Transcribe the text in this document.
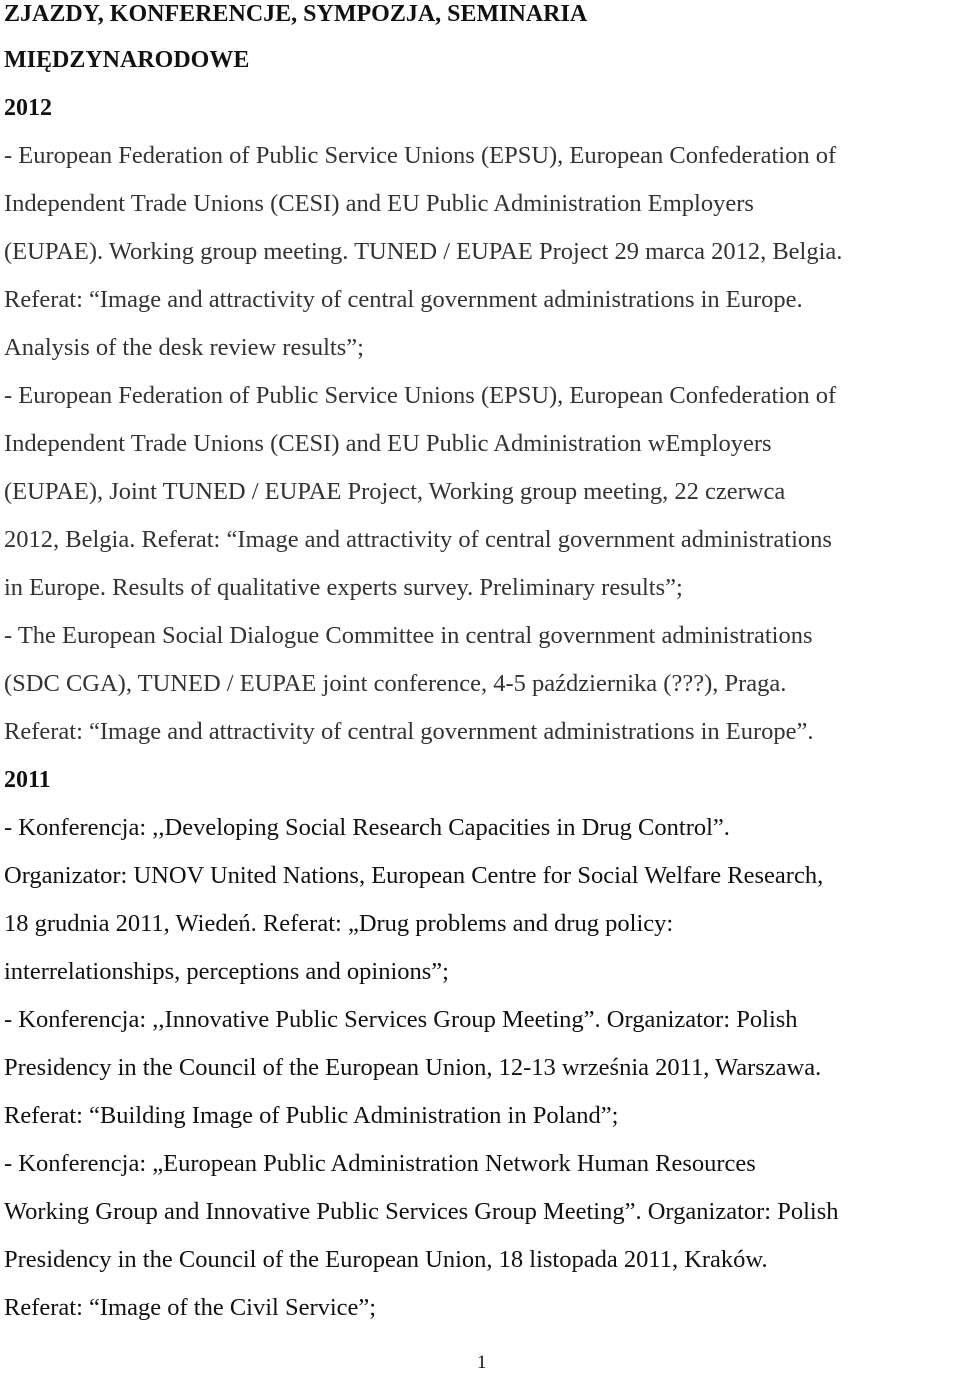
ZJAZDY, KONFERENCJE, SYMPOZJA, SEMINARIA
MIĘDZYNARODOWE
2012
- European Federation of Public Service Unions (EPSU), European Confederation of
Independent Trade Unions (CESI) and EU Public Administration Employers
(EUPAE). Working group meeting. TUNED / EUPAE Project 29 marca 2012, Belgia.
Referat: “Image and attractivity of central government administrations in Europe.
Analysis of the desk review results”;
- European Federation of Public Service Unions (EPSU), European Confederation of
Independent Trade Unions (CESI) and EU Public Administration wEmployers
(EUPAE), Joint TUNED / EUPAE Project, Working group meeting, 22 czerwca
2012, Belgia. Referat: “Image and attractivity of central government administrations
in Europe. Results of qualitative experts survey. Preliminary results”;
- The European Social Dialogue Committee in central government administrations
(SDC CGA), TUNED / EUPAE joint conference, 4-5 października (???), Praga.
Referat: “Image and attractivity of central government administrations in Europe”.
2011
- Konferencja: ,,Developing Social Research Capacities in Drug Control”.
Organizator: UNOV United Nations, European Centre for Social Welfare Research,
18 grudnia 2011, Wiedeń. Referat: „Drug problems and drug policy:
interrelationships, perceptions and opinions”;
- Konferencja: ,,Innovative Public Services Group Meeting”. Organizator: Polish
Presidency in the Council of the European Union, 12-13 września 2011, Warszawa.
Referat: “Building Image of Public Administration in Poland”;
- Konferencja: „European Public Administration Network Human Resources
Working Group and Innovative Public Services Group Meeting”. Organizator: Polish
Presidency in the Council of the European Union, 18 listopada 2011, Kraków.
Referat: “Image of the Civil Service”;
1
